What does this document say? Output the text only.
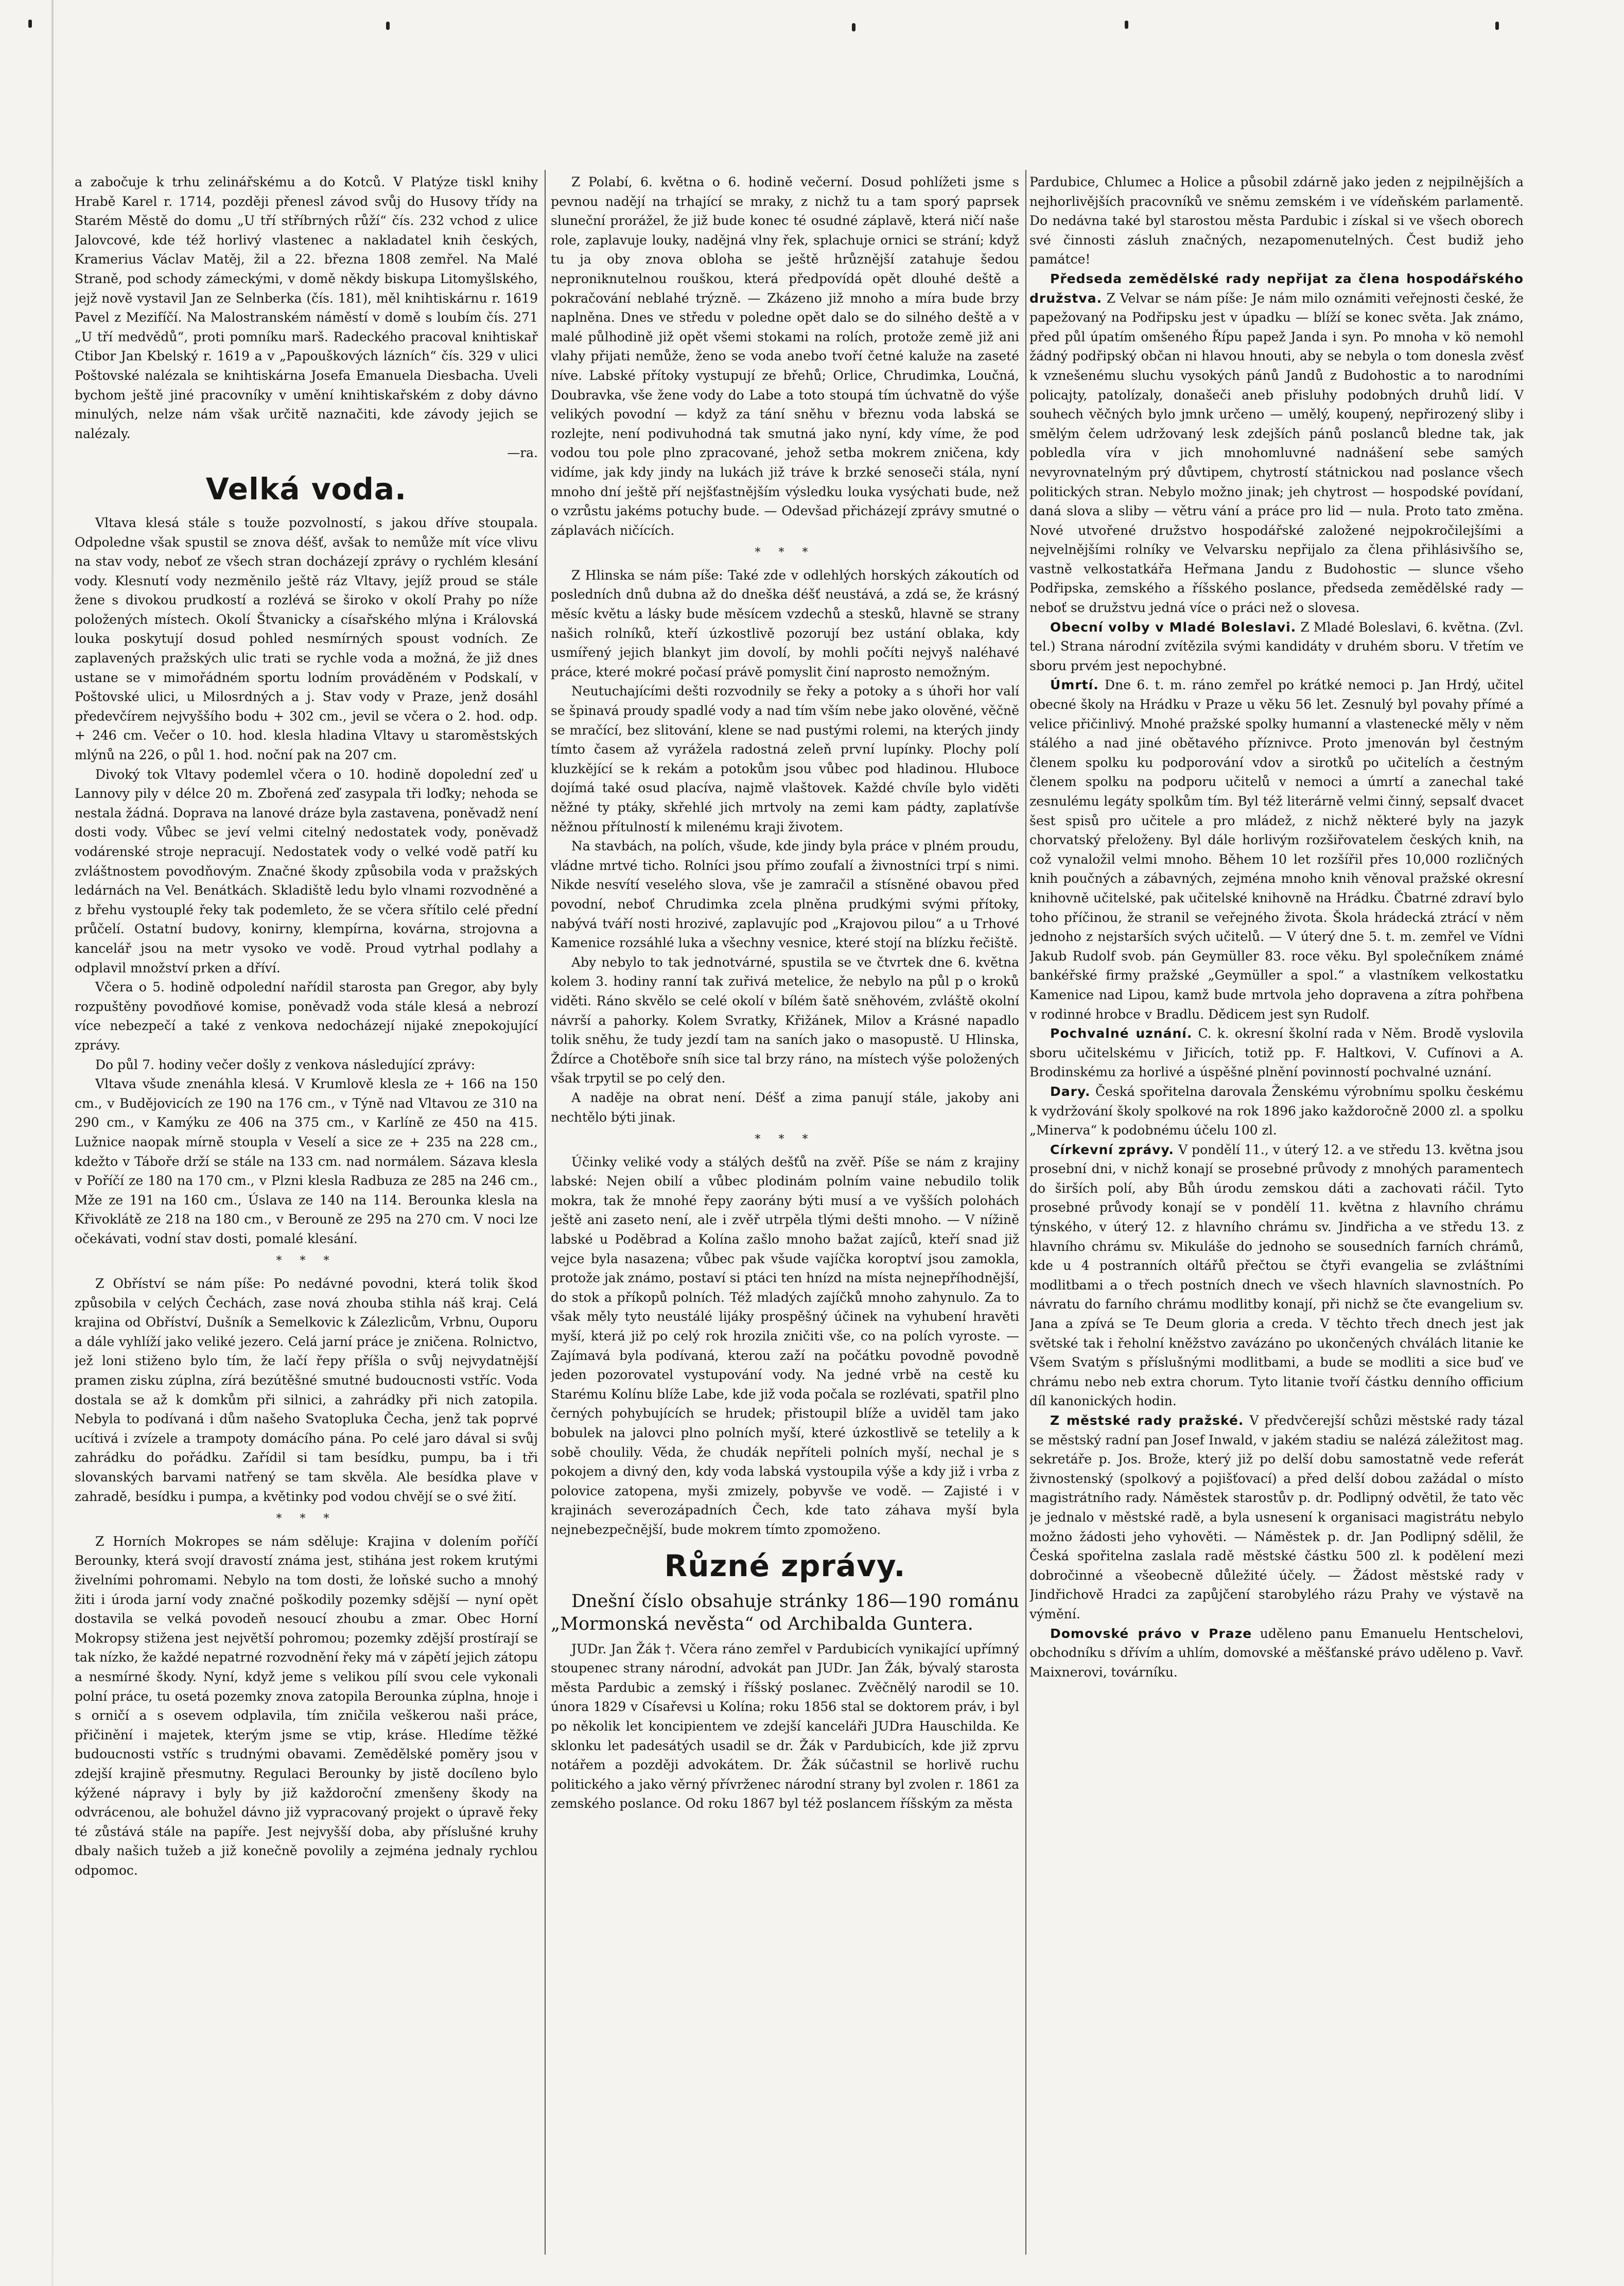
a zabočuje k trhu zelinářskému a do Kotců. V Platýze tiskl knihy Hrabě Karel r. 1714, později přenesl závod svůj do Husovy třídy na Starém Městě do domu „U tří stříbrných růží“ čís. 232 vchod z ulice Jalovcové, kde též horlivý vlastenec a nakladatel knih českých, Kramerius Václav Matěj, žil a 22. března 1808 zemřel. Na Malé Straně, pod schody zámeckými, v domě někdy biskupa Litomyšlského, jejž nově vystavil Jan ze Selnberka (čís. 181), měl knihtiskárnu r. 1619 Pavel z Mezifíčí. Na Malostranském náměstí v domě s loubím čís. 271 „U tří medvědů“, proti pomníku marš. Radeckého pracoval knihtiskař Ctibor Jan Kbelský r. 1619 a v „Papouškových lázních“ čís. 329 v ulici Poštovské nalézala se knihtiskárna Josefa Emanuela Diesbacha. Uveli bychom ještě jiné pracovníky v umění knihtiskařském z doby dávno minulých, nelze nám však určitě naznačiti, kde závody jejich se nalézaly.

—ra.

Velká voda.

Vltava klesá stále s touže pozvolností, s jakou dříve stoupala. Odpoledne však spustil se znova déšť, avšak to nemůže mít více vlivu na stav vody, neboť ze všech stran docházejí zprávy o rychlém klesání vody. Klesnutí vody nezměnilo ještě ráz Vltavy, jejíž proud se stále žene s divokou prudkostí a rozlévá se široko v okolí Prahy po níže položených místech. Okolí Štvanicky a císařského mlýna i Královská louka poskytují dosud pohled nesmírných spoust vodních. Ze zaplavených pražských ulic trati se rychle voda a možná, že již dnes ustane se v mimořádném sportu lodním prováděném v Podskalí, v Poštovské ulici, u Milosrdných a j. Stav vody v Praze, jenž dosáhl předevčírem nejvyššího bodu + 302 cm., jevil se včera o 2. hod. odp. + 246 cm. Večer o 10. hod. klesla hladina Vltavy u staroměstských mlýnů na 226, o půl 1. hod. noční pak na 207 cm.

Divoký tok Vltavy podemlel včera o 10. hodině dopolední zeď u Lannovy pily v délce 20 m. Zbořená zeď zasypala tři loďky; nehoda se nestala žádná. Doprava na lanové dráze byla zastavena, poněvadž není dosti vody. Vůbec se jeví velmi citelný nedostatek vody, poněvadž vodárenské stroje nepracují. Nedostatek vody o velké vodě patří ku zvláštnostem povodňovým. Značné škody způsobila voda v pražských ledárnách na Vel. Benátkách. Skladiště ledu bylo vlnami rozvodněné a z břehu vystouplé řeky tak podemleto, že se včera sřítilo celé přední průčelí. Ostatní budovy, konirny, klempírna, kovárna, strojovna a kancelář jsou na metr vysoko ve vodě. Proud vytrhal podlahy a odplavil množství prken a dříví.

Včera o 5. hodině odpolední nařídil starosta pan Gregor, aby byly rozpuštěny povodňové komise, poněvadž voda stále klesá a nebrozí více nebezpečí a také z venkova nedocházejí nijaké znepokojující zprávy.

Do půl 7. hodiny večer došly z venkova následující zprávy:

Vltava všude znenáhla klesá. V Krumlově klesla ze + 166 na 150 cm., v Budějovicích ze 190 na 176 cm., v Týně nad Vltavou ze 310 na 290 cm., v Kamýku ze 406 na 375 cm., v Karlíně ze 450 na 415. Lužnice naopak mírně stoupla v Veselí a sice ze + 235 na 228 cm., kdežto v Táboře drží se stále na 133 cm. nad normálem. Sázava klesla v Poříčí ze 180 na 170 cm., v Plzni klesla Radbuza ze 285 na 246 cm., Mže ze 191 na 160 cm., Úslava ze 140 na 114. Berounka klesla na Křivoklátě ze 218 na 180 cm., v Berouně ze 295 na 270 cm. V noci lze očekávati, vodní stav dosti, pomalé klesání.

* * *

Z Obříství se nám píše: Po nedávné povodni, která tolik škod způsobila v celých Čechách, zase nová zhouba stihla náš kraj. Celá krajina od Obříství, Dušník a Semelkovic k Zálezlicům, Vrbnu, Ouporu a dále vyhlíží jako veliké jezero. Celá jarní práce je zničena. Rolnictvo, jež loni stiženo bylo tím, že lačí řepy příšla o svůj nejvydatnější pramen zisku zúplna, zírá bezútěšné smutné budoucnosti vstříc. Voda dostala se až k domkům při silnici, a zahrádky při nich zatopila. Nebyla to podívaná i dům našeho Svatopluka Čecha, jenž tak poprvé ucítivá i zvízele a trampoty domácího pána. Po celé jaro dával si svůj zahrádku do pořádku. Zařídil si tam besídku, pumpu, ba i tři slovanských barvami natřený se tam skvěla. Ale besídka plave v zahradě, besídku i pumpa, a květinky pod vodou chvějí se o své žití.

* * *

Z Horních Mokropes se nám sděluje: Krajina v dolením poříčí Berounky, která svojí dravostí známa jest, stihána jest rokem krutými živelními pohromami. Nebylo na tom dosti, že loňské sucho a mnohý žiti i úroda jarní vody značné poškodily pozemky sdější — nyní opět dostavila se velká povodeň nesoucí zhoubu a zmar. Obec Horní Mokropsy stižena jest největší pohromou; pozemky zdější prostírají se tak nízko, že každé nepatrné rozvodnění řeky má v zápětí jejich zátopu a nesmírné škody. Nyní, když jeme s velikou pílí svou cele vykonali polní práce, tu osetá pozemky znova zatopila Berounka zúplna, hnoje i s orničí a s osevem odplavila, tím zničila veškerou naši práce, přičinění i majetek, kterým jsme se vtip, kráse. Hledíme těžké budoucnosti vstříc s trudnými obavami. Zemědělské poměry jsou v zdejší krajině přesmutny. Regulaci Berounky by jistě docíleno bylo kýžené nápravy i byly by již každoroční zmenšeny škody na odvrácenou, ale bohužel dávno již vypracovaný projekt o úpravě řeky té zůstává stále na papíře. Jest nejvyšší doba, aby příslušné kruhy dbaly našich tužeb a již konečně povolily a zejména jednaly rychlou odpomoc.

Z Polabí, 6. května o 6. hodině večerní. Dosud pohlížeti jsme s pevnou nadějí na trhající se mraky, z nichž tu a tam sporý paprsek sluneční prorážel, že již bude konec té osudné záplavě, která ničí naše role, zaplavuje louky, nadějná vlny řek, splachuje ornici se strání; když tu ja oby znova obloha se ještě hrůznější zatahuje šedou neproniknutelnou rouškou, která předpovídá opět dlouhé deště a pokračování neblahé trýzně. — Zkázeno již mnoho a míra bude brzy naplněna. Dnes ve středu v poledne opět dalo se do silného deště a v malé půlhodině již opět všemi stokami na rolích, protože země již ani vlahy přijati nemůže, ženo se voda anebo tvoří četné kaluže na zaseté níve. Labské přítoky vystupují ze břehů; Orlice, Chrudimka, Loučná, Doubravka, vše žene vody do Labe a toto stoupá tím úchvatně do výše velikých povodní — když za tání sněhu v březnu voda labská se rozlejte, není podivuhodná tak smutná jako nyní, kdy víme, že pod vodou tou pole plno zpracované, jehož setba mokrem zničena, kdy vidíme, jak kdy jindy na lukách již tráve k brzké senoseči stála, nyní mnoho dní ještě pří nejšťastnějším výsledku louka vysýchati bude, než o vzrůstu jakéms potuchy bude. — Odevšad přicházejí zprávy smutné o záplavách ničících.

* * *

Z Hlinska se nám píše: Také zde v odlehlých horských zákoutích od posledních dnů dubna až do dneška déšť neustává, a zdá se, že krásný měsíc květu a lásky bude měsícem vzdechů a stesků, hlavně se strany našich rolníků, kteří úzkostlivě pozorují bez ustání oblaka, kdy usmířený jejich blankyt jim dovolí, by mohli počíti nejvyš naléhavé práce, které mokré počasí právě pomyslit činí naprosto nemožným.

Neutuchajícími dešti rozvodnily se řeky a potoky a s úhoři hor valí se špinavá proudy spadlé vody a nad tím vším nebe jako olověné, věčně se mračící, bez slitování, klene se nad pustými rolemi, na kterých jindy tímto časem až vyrážela radostná zeleň první lupínky. Plochy polí kluzkějící se k rekám a potokům jsou vůbec pod hladinou. Hluboce dojímá také osud placíva, najmě vlaštovek. Každé chvíle bylo viděti něžné ty ptáky, skřehlé jich mrtvoly na zemi kam pádty, zaplatívše něžnou přítulností k milenému kraji životem.

Na stavbách, na polích, všude, kde jindy byla práce v plném proudu, vládne mrtvé ticho. Rolníci jsou přímo zoufalí a živnostníci trpí s nimi. Nikde nesvítí veselého slova, vše je zamračil a stísněné obavou před povodní, neboť Chrudimka zcela plněna prudkými svými přítoky, nabývá tváří nosti hrozivé, zaplavujíc pod „Krajovou pilou“ a u Trhové Kamenice rozsáhlé luka a všechny vesnice, které stojí na blízku řečiště.

Aby nebylo to tak jednotvárné, spustila se ve čtvrtek dne 6. května kolem 3. hodiny ranní tak zuřivá metelice, že nebylo na půl p o kroků viděti. Ráno skvělo se celé okolí v bílém šatě sněhovém, zvláště okolní návrší a pahorky. Kolem Svratky, Křižánek, Milov a Krásné napadlo tolik sněhu, že tudy jezdí tam na saních jako o masopustě. U Hlinska, Ždírce a Chotěboře sníh sice tal brzy ráno, na místech výše položených však trpytil se po celý den.

A naděje na obrat není. Déšť a zima panují stále, jakoby ani nechtělo býti jinak.

* * *

Účinky veliké vody a stálých dešťů na zvěř. Píše se nám z krajiny labské: Nejen obilí a vůbec plodinám polním vaine nebudilo tolik mokra, tak že mnohé řepy zaorány býti musí a ve vyšších polohách ještě ani zaseto není, ale i zvěř utrpěla tlými dešti mnoho. — V nížině labské u Poděbrad a Kolína zašlo mnoho bažat zajíců, kteří snad již vejce byla nasazena; vůbec pak všude vajíčka koroptví jsou zamokla, protože jak známo, postaví si ptáci ten hnízd na místa nejnepříhodnější, do stok a příkopů polních. Též mladých zajíčků mnoho zahynulo. Za to však měly tyto neustálé lijáky prospěšný účinek na vyhubení hravěti myší, která již po celý rok hrozila zničiti vše, co na polích vyroste. — Zajímavá byla podívaná, kterou zaží na počátku povodně povodně jeden pozorovatel vystupování vody. Na jedné vrbě na cestě ku Starému Kolínu blíže Labe, kde již voda počala se rozlévati, spatřil plno černých pohybujících se hrudek; přistoupil blíže a uviděl tam jako bobulek na jalovci plno polních myší, které úzkostlivě se tetelily a k sobě choulily. Věda, že chudák nepříteli polních myší, nechal je s pokojem a divný den, kdy voda labská vystoupila výše a kdy již i vrba z polovice zatopena, myši zmizely, pobyvše ve vodě. — Zajisté i v krajinách severozápadních Čech, kde tato záhava myší byla nejnebezpečnější, bude mokrem tímto zpomoženo.

Různé zprávy.

Dnešní číslo obsahuje stránky 186—190 románu „Mormonská nevěsta“ od Archibalda Guntera.

JUDr. Jan Žák †. Včera ráno zemřel v Pardubicích vynikající upřímný stoupenec strany národní, advokát pan JUDr. Jan Žák, bývalý starosta města Pardubic a zemský i říšský poslanec. Zvěčnělý narodil se 10. února 1829 v Císařevsi u Kolína; roku 1856 stal se doktorem práv, i byl po několik let koncipientem ve zdejší kanceláři JUDra Hauschilda. Ke sklonku let padesátých usadil se dr. Žák v Pardubicích, kde již zprvu notářem a později advokátem. Dr. Žák súčastnil se horlivě ruchu politického a jako věrný přívrženec národní strany byl zvolen r. 1861 za zemského poslance. Od roku 1867 byl též poslancem říšským za města

Pardubice, Chlumec a Holice a působil zdárně jako jeden z nejpilnějších a nejhorlivějších pracovníků ve sněmu zemském i ve vídeňském parlamentě. Do nedávna také byl starostou města Pardubic i získal si ve všech oborech své činnosti zásluh značných, nezapomenutelných. Čest budiž jeho památce!

Předseda zemědělské rady nepřijat za člena hospodářského družstva. Z Velvar se nám píše: Je nám milo oznámiti veřejnosti české, že papežovaný na Podřipsku jest v úpadku — blíží se konec světa. Jak známo, před půl úpatím omšeného Řípu papež Janda i syn. Po mnoha v kö nemohl žádný podřipský občan ni hlavou hnouti, aby se nebyla o tom donesla zvěsť k vznešenému sluchu vysokých pánů Jandů z Budohostic a to narodními policajty, patolízaly, donašeči aneb přisluhy podobných druhů lidí. V souhech věčných bylo jmnk určeno — umělý, koupený, nepřirozený sliby i smělým čelem udržovaný lesk zdejších pánů poslanců bledne tak, jak pobledla víra v jich mnohomluvné nadnášení sebe samých nevyrovnatelným prý důvtipem, chytrostí státnickou nad poslance všech politických stran. Nebylo možno jinak; jeh chytrost — hospodské povídaní, daná slova a sliby — větru vání a práce pro lid — nula. Proto tato změna. Nové utvořené družstvo hospodářské založené nejpokročilejšími a nejvelnějšími rolníky ve Velvarsku nepřijalo za člena přihlásivšího se, vastně velkostatkářa Heřmana Jandu z Budohostic — slunce všeho Podřipska, zemského a říšského poslance, předseda zemědělské rady — neboť se družstvu jedná více o práci než o slovesa.

Obecní volby v Mladé Boleslavi. Z Mladé Boleslavi, 6. května. (Zvl. tel.) Strana národní zvítězila svými kandidáty v druhém sboru. V třetím ve sboru prvém jest nepochybné.

Úmrtí. Dne 6. t. m. ráno zemřel po krátké nemoci p. Jan Hrdý, učitel obecné školy na Hrádku v Praze u věku 56 let. Zesnulý byl povahy přímé a velice přičinlivý. Mnohé pražské spolky humanní a vlastenecké měly v něm stálého a nad jiné obětavého příznivce. Proto jmenován byl čestným členem spolku ku podporování vdov a sirotků po učitelích a čestným členem spolku na podporu učitelů v nemoci a úmrtí a zanechal také zesnulému legáty spolkům tím. Byl též literárně velmi činný, sepsalť dvacet šest spisů pro učitele a pro mládež, z nichž některé byly na jazyk chorvatský přeloženy. Byl dále horlivým rozšiřovatelem českých knih, na což vynaložil velmi mnoho. Během 10 let rozšířil přes 10,000 rozličných knih poučných a zábavných, zejména mnoho knih věnoval pražské okresní knihovně učitelské, pak učitelské knihovně na Hrádku. Čbatrné zdraví bylo toho příčinou, že stranil se veřejného života. Škola hrádecká ztrácí v něm jednoho z nejstarších svých učitelů. — V úterý dne 5. t. m. zemřel ve Vídni Jakub Rudolf svob. pán Geymüller 83. roce věku. Byl společníkem známé bankéřské firmy pražské „Geymüller a spol.“ a vlastníkem velkostatku Kamenice nad Lipou, kamž bude mrtvola jeho dopravena a zítra pohřbena v rodinné hrobce v Bradlu. Dědicem jest syn Rudolf.

Pochvalné uznání. C. k. okresní školní rada v Něm. Brodě vyslovila sboru učitelskému v Jiřicích, totiž pp. F. Haltkovi, V. Cufínovi a A. Brodinskému za horlivé a úspěšné plnění povinností pochvalné uznání.

Dary. Česká spořitelna darovala Ženskému výrobnímu spolku českému k vydržování školy spolkové na rok 1896 jako každoročně 2000 zl. a spolku „Minerva“ k podobnému účelu 100 zl.

Církevní zprávy. V pondělí 11., v úterý 12. a ve středu 13. května jsou prosební dni, v nichž konají se prosebné průvody z mnohých paramentech do širších polí, aby Bůh úrodu zemskou dáti a zachovati ráčil. Tyto prosebné průvody konají se v pondělí 11. května z hlavního chrámu týnského, v úterý 12. z hlavního chrámu sv. Jindřicha a ve středu 13. z hlavního chrámu sv. Mikuláše do jednoho se sousedních farních chrámů, kde u 4 postranních oltářů přečtou se čtyři evangelia se zvláštními modlitbami a o třech postních dnech ve všech hlavních slavnostních. Po návratu do farního chrámu modlitby konají, při nichž se čte evangelium sv. Jana a zpívá se Te Deum gloria a creda. V těchto třech dnech jest jak světské tak i řeholní kněžstvo zavázáno po ukončených chválách litanie ke Všem Svatým s příslušnými modlitbami, a bude se modliti a sice buď ve chrámu nebo neb extra chorum. Tyto litanie tvoří částku denního officium díl kanonických hodin.

Z městské rady pražské. V předvčerejší schůzi městské rady tázal se městský radní pan Josef Inwald, v jakém stadiu se nalézá záležitost mag. sekretáře p. Jos. Brože, který již po delší dobu samostatně vede referát živnostenský (spolkový a pojišťovací) a před delší dobou zažádal o místo magistrátního rady. Náměstek starostův p. dr. Podlipný odvětil, že tato věc je jednalo v městské radě, a byla usnesení k organisaci magistrátu nebylo možno žádosti jeho vyhověti. — Náměstek p. dr. Jan Podlipný sdělil, že Česká spořitelna zaslala radě městské částku 500 zl. k podělení mezi dobročinné a všeobecně důležité účely. — Žádost městské rady v Jindřichově Hradci za zapůjčení starobylého rázu Prahy ve výstavě na výmění.

Domovské právo v Praze uděleno panu Emanuelu Hentschelovi, obchodníku s dřívím a uhlím, domovské a měšťanské právo uděleno p. Vavř. Maixnerovi, továrníku.
